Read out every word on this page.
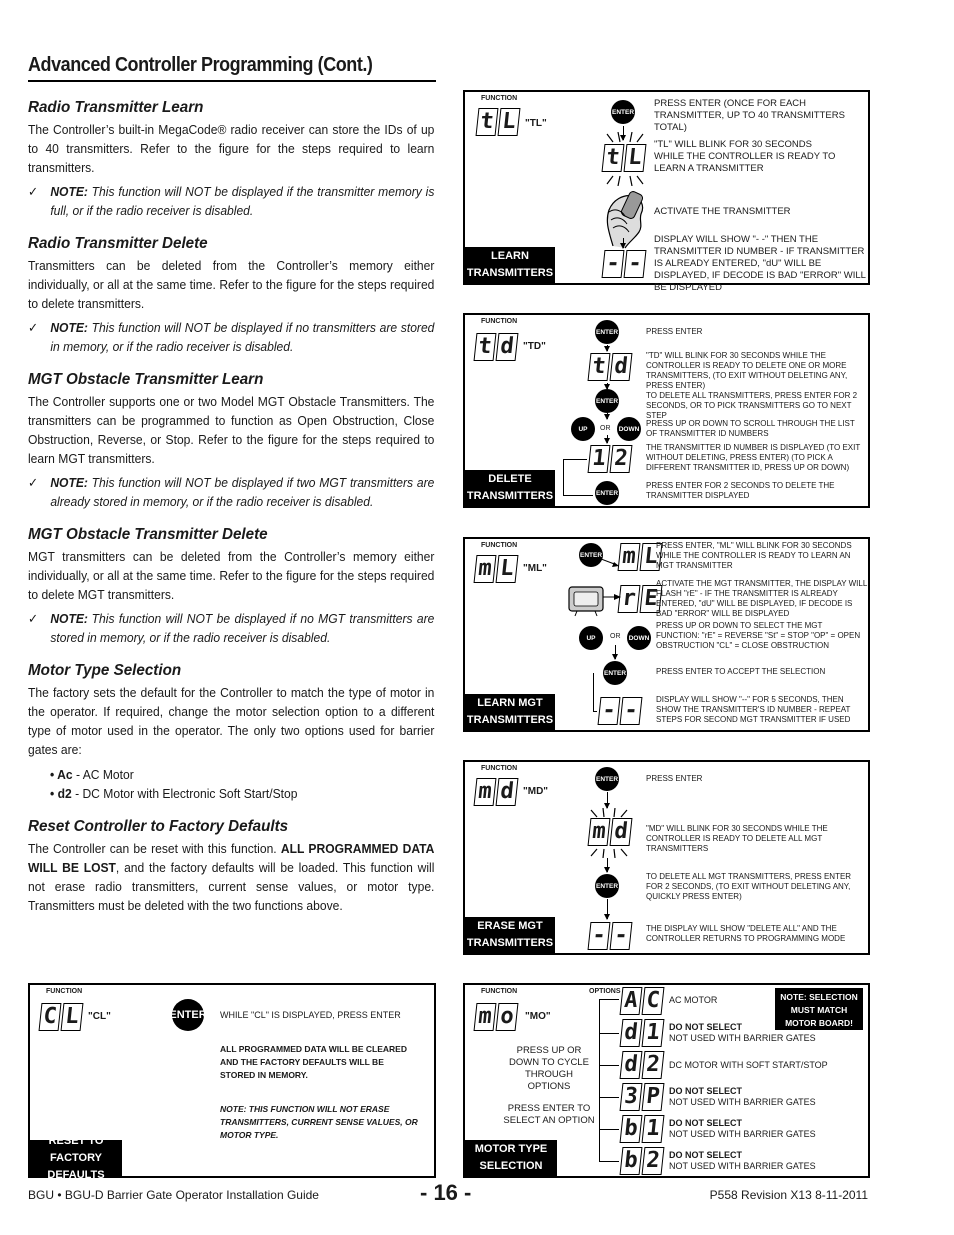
Advanced Controller Programming (Cont.)
Radio Transmitter Learn
The Controller’s built-in MegaCode® radio receiver can store the IDs of up to 40 transmitters. Refer to the figure for the steps required to learn transmitters.
✓ NOTE: This function will NOT be displayed if the transmitter memory is full, or if the radio receiver is disabled.
Radio Transmitter Delete
Transmitters can be deleted from the Controller’s memory either individually, or all at the same time. Refer to the figure for the steps required to delete transmitters.
✓ NOTE: This function will NOT be displayed if no transmitters are stored in memory, or if the radio receiver is disabled.
MGT Obstacle Transmitter Learn
The Controller supports one or two Model MGT Obstacle Transmitters. The transmitters can be programmed to function as Open Obstruction, Close Obstruction, Reverse, or Stop. Refer to the figure for the steps required to learn MGT transmitters.
✓ NOTE: This function will NOT be displayed if two MGT transmitters are already stored in memory, or if the radio receiver is disabled.
MGT Obstacle Transmitter Delete
MGT transmitters can be deleted from the Controller’s memory either individually, or all at the same time. Refer to the figure for the steps required to delete MGT transmitters.
✓ NOTE: This function will NOT be displayed if no MGT transmitters are stored in memory, or if the radio receiver is disabled.
Motor Type Selection
The factory sets the default for the Controller to match the type of motor in the operator. If required, change the motor selection option to a different type of motor used in the operator. The only two options used for barrier gates are:
• Ac - AC Motor
• d2 - DC Motor with Electronic Soft Start/Stop
Reset Controller to Factory Defaults
The Controller can be reset with this function. ALL PROGRAMMED DATA WILL BE LOST, and the factory defaults will be loaded. This function will not erase radio transmitters, current sense values, or motor type. Transmitters must be deleted with the two functions above.
FUNCTION
t L "TL"
ENTER
t L
- -
PRESS ENTER (ONCE FOR EACH TRANSMITTER, UP TO 40 TRANSMITTERS TOTAL)
"TL" WILL BLINK FOR 30 SECONDS WHILE THE CONTROLLER IS READY TO LEARN A TRANSMITTER
ACTIVATE THE TRANSMITTER
DISPLAY WILL SHOW "- -" THEN THE TRANSMITTER ID NUMBER - IF TRANSMITTER IS ALREADY ENTERED, "dU" WILL BE DISPLAYED, IF DECODE IS BAD "ERROR" WILL BE DISPLAYED
LEARN
TRANSMITTERS
FUNCTION
t d "TD"
ENTER
t d
ENTER
UP	OR DOWN
1 2
ENTER
PRESS ENTER
"TD" WILL BLINK FOR 30 SECONDS WHILE THE CONTROLLER IS READY TO DELETE ONE OR MORE TRANSMITTERS, (TO EXIT WITHOUT DELETING ANY, PRESS ENTER)
TO DELETE ALL TRANSMITTERS, PRESS ENTER FOR 2 SECONDS, OR TO PICK TRANSMITTERS GO TO NEXT STEP
PRESS UP OR DOWN TO SCROLL THROUGH THE LIST OF TRANSMITTER ID NUMBERS
THE TRANSMITTER ID NUMBER IS DISPLAYED (TO EXIT WITHOUT DELETING, PRESS ENTER) (TO PICK A DIFFERENT TRANSMITTER ID, PRESS UP OR DOWN)
PRESS ENTER FOR 2 SECONDS TO DELETE THE TRANSMITTER DISPLAYED
DELETE
TRANSMITTERS
FUNCTION
m L "ML"
ENTER m L
r E
UP	OR DOWN
ENTER
- -
PRESS ENTER, "ML" WILL BLINK FOR 30 SECONDS WHILE THE CONTROLLER IS READY TO LEARN AN MGT TRANSMITTER
ACTIVATE THE MGT TRANSMITTER, THE DISPLAY WILL FLASH "rE" - IF THE TRANSMITTER IS ALREADY ENTERED, "dU" WILL BE DISPLAYED, IF DECODE IS BAD "ERROR" WILL BE DISPLAYED
PRESS UP OR DOWN TO SELECT THE MGT FUNCTION: "rE" = REVERSE "St" = STOP "OP" = OPEN OBSTRUCTION "CL" = CLOSE OBSTRUCTION
PRESS ENTER TO ACCEPT THE SELECTION
DISPLAY WILL SHOW "--" FOR 5 SECONDS, THEN SHOW THE TRANSMITTER'S ID NUMBER - REPEAT STEPS FOR SECOND MGT TRANSMITTER IF USED
LEARN MGT
TRANSMITTERS
FUNCTION
m d "MD"
ENTER
m d
ENTER
- -
PRESS ENTER
"MD" WILL BLINK FOR 30 SECONDS WHILE THE CONTROLLER IS READY TO DELETE ALL MGT TRANSMITTERS
TO DELETE ALL MGT TRANSMITTERS, PRESS ENTER FOR 2 SECONDS, (TO EXIT WITHOUT DELETING ANY, QUICKLY PRESS ENTER)
THE DISPLAY WILL SHOW "DELETE ALL" AND THE CONTROLLER RETURNS TO PROGRAMMING MODE
ERASE MGT
TRANSMITTERS
FUNCTION
C L "CL"	ENTER WHILE "CL" IS DISPLAYED, PRESS ENTER
ALL PROGRAMMED DATA WILL BE CLEARED AND THE FACTORY DEFAULTS WILL BE STORED IN MEMORY.
NOTE: THIS FUNCTION WILL NOT ERASE TRANSMITTERS, CURRENT SENSE VALUES, OR MOTOR TYPE.
RESET TO
FACTORY DEFAULTS
FUNCTION	OPTIONS
m o	"MO"
PRESS UP OR DOWN TO CYCLE THROUGH OPTIONS
PRESS ENTER TO SELECT AN OPTION
A C AC MOTOR
d 1 DO NOT SELECT
NOT USED WITH BARRIER GATES
d 2 DC MOTOR WITH SOFT START/STOP
3 P DO NOT SELECT
NOT USED WITH BARRIER GATES
b 1 DO NOT SELECT
NOT USED WITH BARRIER GATES
b 2 DO NOT SELECT
NOT USED WITH BARRIER GATES
NOTE: SELECTION MUST MATCH MOTOR BOARD!
MOTOR TYPE
SELECTION
BGU • BGU-D Barrier Gate Operator Installation Guide	- 16 -	P558 Revision X13 8-11-2011
